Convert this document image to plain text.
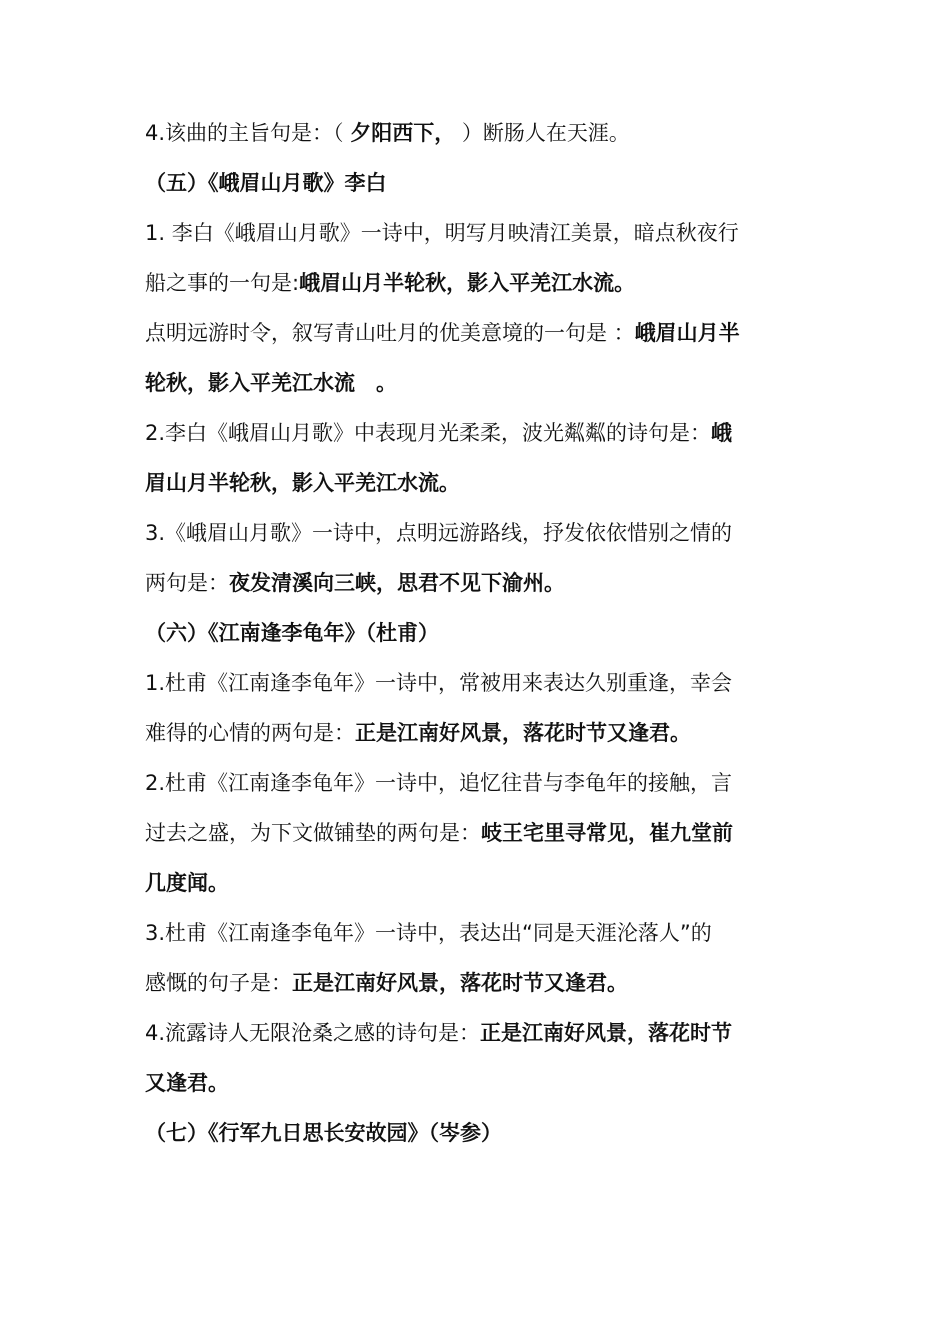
4.该曲的主旨句是：（ 夕阳西下， ）断肠人在天涯。
（五）《峨眉山月歌》李白
1. 李白《峨眉山月歌》一诗中，明写月映清江美景，暗点秋夜行
船之事的一句是:峨眉山月半轮秋，影入平羌江水流。
点明远游时令，叙写青山吐月的优美意境的一句是 ：峨眉山月半
轮秋，影入平羌江水流　。
2.李白《峨眉山月歌》中表现月光柔柔，波光粼粼的诗句是：峨
眉山月半轮秋，影入平羌江水流。
3.《峨眉山月歌》一诗中，点明远游路线，抒发依依惜别之情的
两句是：夜发清溪向三峡，思君不见下渝州。
（六）《江南逢李龟年》（杜甫）
1.杜甫《江南逢李龟年》一诗中，常被用来表达久别重逢，幸会
难得的心情的两句是：正是江南好风景，落花时节又逢君。
2.杜甫《江南逢李龟年》一诗中，追忆往昔与李龟年的接触，言
过去之盛，为下文做铺垫的两句是：岐王宅里寻常见，崔九堂前
几度闻。
3.杜甫《江南逢李龟年》一诗中，表达出“同是天涯沦落人”的
感慨的句子是：正是江南好风景，落花时节又逢君。
4.流露诗人无限沧桑之感的诗句是：正是江南好风景，落花时节
又逢君。
（七）《行军九日思长安故园》（岑参）
